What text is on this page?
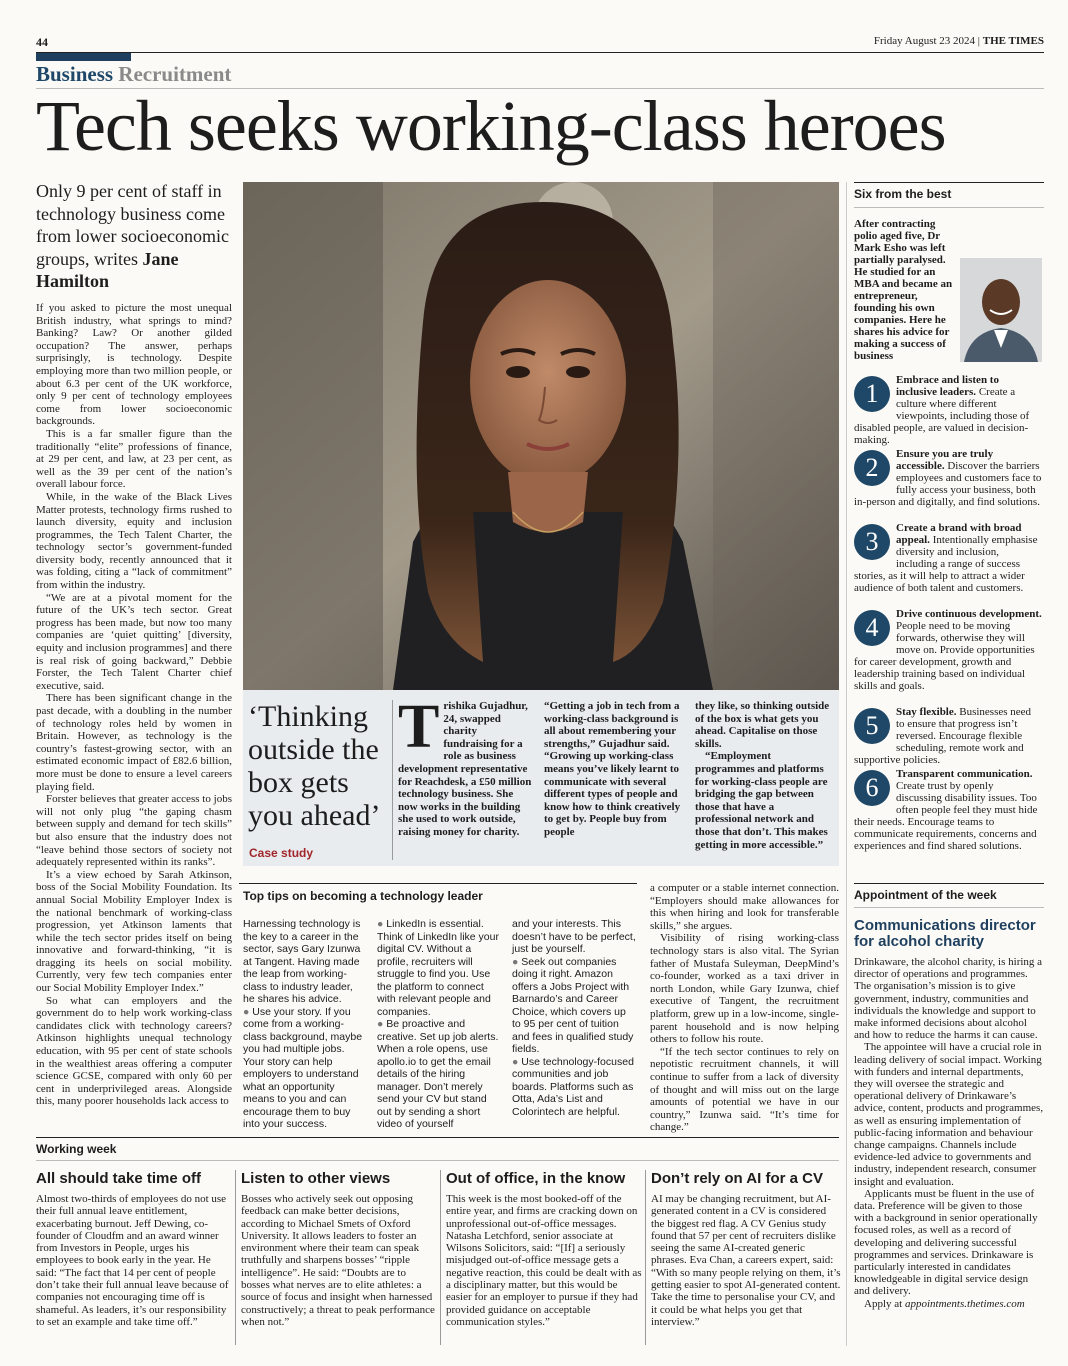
44	Friday August 23 2024 | THE TIMES
Business Recruitment
Tech seeks working-class heroes
Only 9 per cent of staff in technology business come from lower socioeconomic groups, writes Jane Hamilton

If you asked to picture the most unequal British industry, what springs to mind? Banking? Law? Or another gilded occupation? The answer, perhaps surprisingly, is technology. Despite employing more than two million people, or about 6.3 per cent of the UK workforce, only 9 per cent of technology employees come from lower socioeconomic backgrounds.

This is a far smaller figure than the traditionally “elite” professions of finance, at 29 per cent, and law, at 23 per cent, as well as the 39 per cent of the nation’s overall labour force.

While, in the wake of the Black Lives Matter protests, technology firms rushed to launch diversity, equity and inclusion programmes, the Tech Talent Charter, the technology sector’s government-funded diversity body, recently announced that it was folding, citing a “lack of commitment” from within the industry.

“We are at a pivotal moment for the future of the UK’s tech sector. Great progress has been made, but now too many companies are ‘quiet quitting’ [diversity, equity and inclusion programmes] and there is real risk of going backward,” Debbie Forster, the Tech Talent Charter chief executive, said.

There has been significant change in the past decade, with a doubling in the number of technology roles held by women in Britain. However, as technology is the country’s fastest-growing sector, with an estimated economic impact of £82.6 billion, more must be done to ensure a level careers playing field.

Forster believes that greater access to jobs will not only plug “the gaping chasm between supply and demand for tech skills” but also ensure that the industry does not “leave behind those sectors of society not adequately represented within its ranks”.

It’s a view echoed by Sarah Atkinson, boss of the Social Mobility Foundation. Its annual Social Mobility Employer Index is the national benchmark of working-class progression, yet Atkinson laments that while the tech sector prides itself on being innovative and forward-thinking, “it is dragging its heels on social mobility. Currently, very few tech companies enter our Social Mobility Employer Index.”

So what can employers and the government do to help work working-class candidates click with technology careers? Atkinson highlights unequal technology education, with 95 per cent of state schools in the wealthiest areas offering a computer science GCSE, compared with only 60 per cent in underprivileged areas. Alongside this, many poorer households lack access to

‘Thinking outside the box gets you ahead’
Case study
Trishika Gujadhur, 24, swapped charity fundraising for a role as business development representative for Reachdesk, a £50 million technology business. She now works in the building she used to work outside, raising money for charity.
“Getting a job in tech from a working-class background is all about remembering your strengths,” Gujadhur said. “Growing up working-class means you’ve likely learnt to communicate with several different types of people and know how to think creatively to get by. People buy from people
they like, so thinking outside of the box is what gets you ahead. Capitalise on those skills.
“Employment programmes and platforms for working-class people are bridging the gap between those that have a professional network and those that don’t. This makes getting in more accessible.”
Top tips on becoming a technology leader
Harnessing technology is the key to a career in the sector, says Gary Izunwa at Tangent. Having made the leap from working-class to industry leader, he shares his advice.
● Use your story. If you come from a working-class background, maybe you had multiple jobs. Your story can help employers to understand what an opportunity means to you and can encourage them to buy into your success.
● LinkedIn is essential. Think of LinkedIn like your digital CV. Without a profile, recruiters will struggle to find you. Use the platform to connect with relevant people and companies.
● Be proactive and creative. Set up job alerts. When a role opens, use apollo.io to get the email details of the hiring manager. Don’t merely send your CV but stand out by sending a short video of yourself
and your interests. This doesn’t have to be perfect, just be yourself.
● Seek out companies doing it right. Amazon offers a Jobs Project with Barnardo’s and Career Choice, which covers up to 95 per cent of tuition and fees in qualified study fields.
● Use technology-focused communities and job boards. Platforms such as Otta, Ada’s List and Colorintech are helpful.

a computer or a stable internet connection. “Employers should make allowances for this when hiring and look for transferable skills,” she argues.

Visibility of rising working-class technology stars is also vital. The Syrian father of Mustafa Suleyman, DeepMind’s co-founder, worked as a taxi driver in north London, while Gary Izunwa, chief executive of Tangent, the recruitment platform, grew up in a low-income, single-parent household and is now helping others to follow his route.

“If the tech sector continues to rely on nepotistic recruitment channels, it will continue to suffer from a lack of diversity of thought and will miss out on the large amounts of potential we have in our country,” Izunwa said. “It’s time for change.”

Six from the best
After contracting polio aged five, Dr Mark Esho was left partially paralysed. He studied for an MBA and became an entrepreneur, founding his own companies. Here he shares his advice for making a success of business
1	Embrace and listen to inclusive leaders. Create a culture where different viewpoints, including those of disabled people, are valued in decision-making.
2	Ensure you are truly accessible. Discover the barriers employees and customers face to fully access your business, both in-person and digitally, and find solutions.
3	Create a brand with broad appeal. Intentionally emphasise diversity and inclusion, including a range of success stories, as it will help to attract a wider audience of both talent and customers.
4	Drive continuous development. People need to be moving forwards, otherwise they will move on. Provide opportunities for career development, growth and leadership training based on individual skills and goals.
5	Stay flexible. Businesses need to ensure that progress isn’t reversed. Encourage flexible scheduling, remote work and supportive policies.
6	Transparent communication. Create trust by openly discussing disability issues. Too often people feel they must hide their needs. Encourage teams to communicate requirements, concerns and experiences and find shared solutions.
Appointment of the week
Communications director for alcohol charity

Drinkaware, the alcohol charity, is hiring a director of operations and programmes. The organisation’s mission is to give government, industry, communities and individuals the knowledge and support to make informed decisions about alcohol and how to reduce the harms it can cause.

The appointee will have a crucial role in leading delivery of social impact. Working with funders and internal departments, they will oversee the strategic and operational delivery of Drinkaware’s advice, content, products and programmes, as well as ensuring implementation of public-facing information and behaviour change campaigns. Channels include evidence-led advice to governments and industry, independent research, consumer insight and evaluation.

Applicants must be fluent in the use of data. Preference will be given to those with a background in senior operationally focused roles, as well as a record of developing and delivering successful programmes and services. Drinkaware is particularly interested in candidates knowledgeable in digital service design and delivery.

Apply at appointments.thetimes.com

Working week
All should take time off
Almost two-thirds of employees do not use their full annual leave entitlement, exacerbating burnout. Jeff Dewing, co-founder of Cloudfm and an award winner from Investors in People, urges his employees to book early in the year. He said: “The fact that 14 per cent of people don’t take their full annual leave because of companies not encouraging time off is shameful. As leaders, it’s our responsibility to set an example and take time off.”
Listen to other views
Bosses who actively seek out opposing feedback can make better decisions, according to Michael Smets of Oxford University. It allows leaders to foster an environment where their team can speak truthfully and sharpens bosses’ “ripple intelligence”. He said: “Doubts are to bosses what nerves are to elite athletes: a source of focus and insight when harnessed constructively; a threat to peak performance when not.”
Out of office, in the know
This week is the most booked-off of the entire year, and firms are cracking down on unprofessional out-of-office messages. Natasha Letchford, senior associate at Wilsons Solicitors, said: “[If] a seriously misjudged out-of-office message gets a negative reaction, this could be dealt with as a disciplinary matter, but this would be easier for an employer to pursue if they had provided guidance on acceptable communication styles.”
Don’t rely on AI for a CV
AI may be changing recruitment, but AI-generated content in a CV is considered the biggest red flag. A CV Genius study found that 57 per cent of recruiters dislike seeing the same AI-created generic phrases. Eva Chan, a careers expert, said: “With so many people relying on them, it’s getting easier to spot AI-generated content. Take the time to personalise your CV, and it could be what helps you get that interview.”
